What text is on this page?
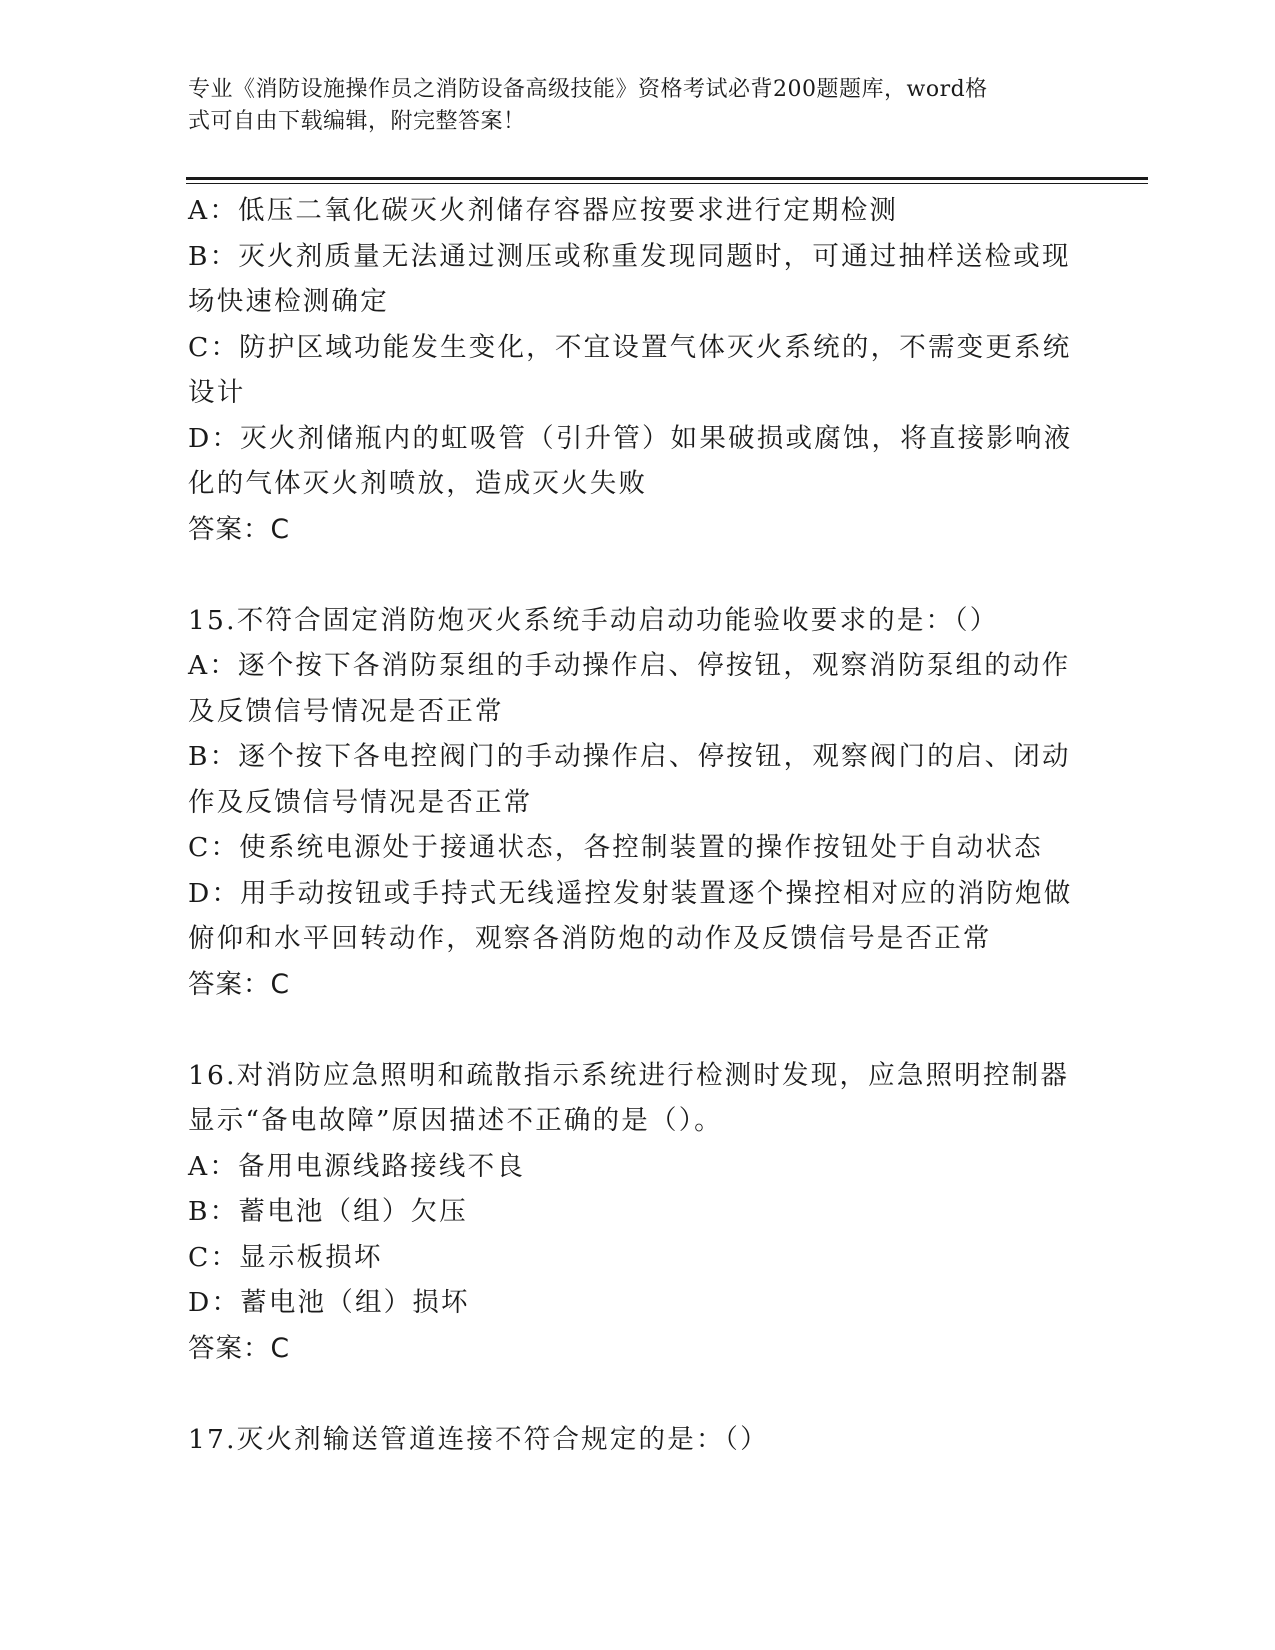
专业《消防设施操作员之消防设备高级技能》资格考试必背200题题库，word格
式可自由下载编辑，附完整答案！
A：低压二氧化碳灭火剂储存容器应按要求进行定期检测
B：灭火剂质量无法通过测压或称重发现同题时，可通过抽样送检或现
场快速检测确定
C：防护区域功能发生变化，不宜设置气体灭火系统的，不需变更系统
设计
D：灭火剂储瓶内的虹吸管（引升管）如果破损或腐蚀，将直接影响液
化的气体灭火剂喷放，造成灭火失败
答案：C
15.不符合固定消防炮灭火系统手动启动功能验收要求的是：（）
A：逐个按下各消防泵组的手动操作启、停按钮，观察消防泵组的动作
及反馈信号情况是否正常
B：逐个按下各电控阀门的手动操作启、停按钮，观察阀门的启、闭动
作及反馈信号情况是否正常
C：使系统电源处于接通状态，各控制装置的操作按钮处于自动状态
D：用手动按钮或手持式无线遥控发射装置逐个操控相对应的消防炮做
俯仰和水平回转动作，观察各消防炮的动作及反馈信号是否正常
答案：C
16.对消防应急照明和疏散指示系统进行检测时发现，应急照明控制器
显示“备电故障”原因描述不正确的是（）。
A：备用电源线路接线不良
B：蓄电池（组）欠压
C：显示板损坏
D：蓄电池（组）损坏
答案：C
17.灭火剂输送管道连接不符合规定的是：（）
